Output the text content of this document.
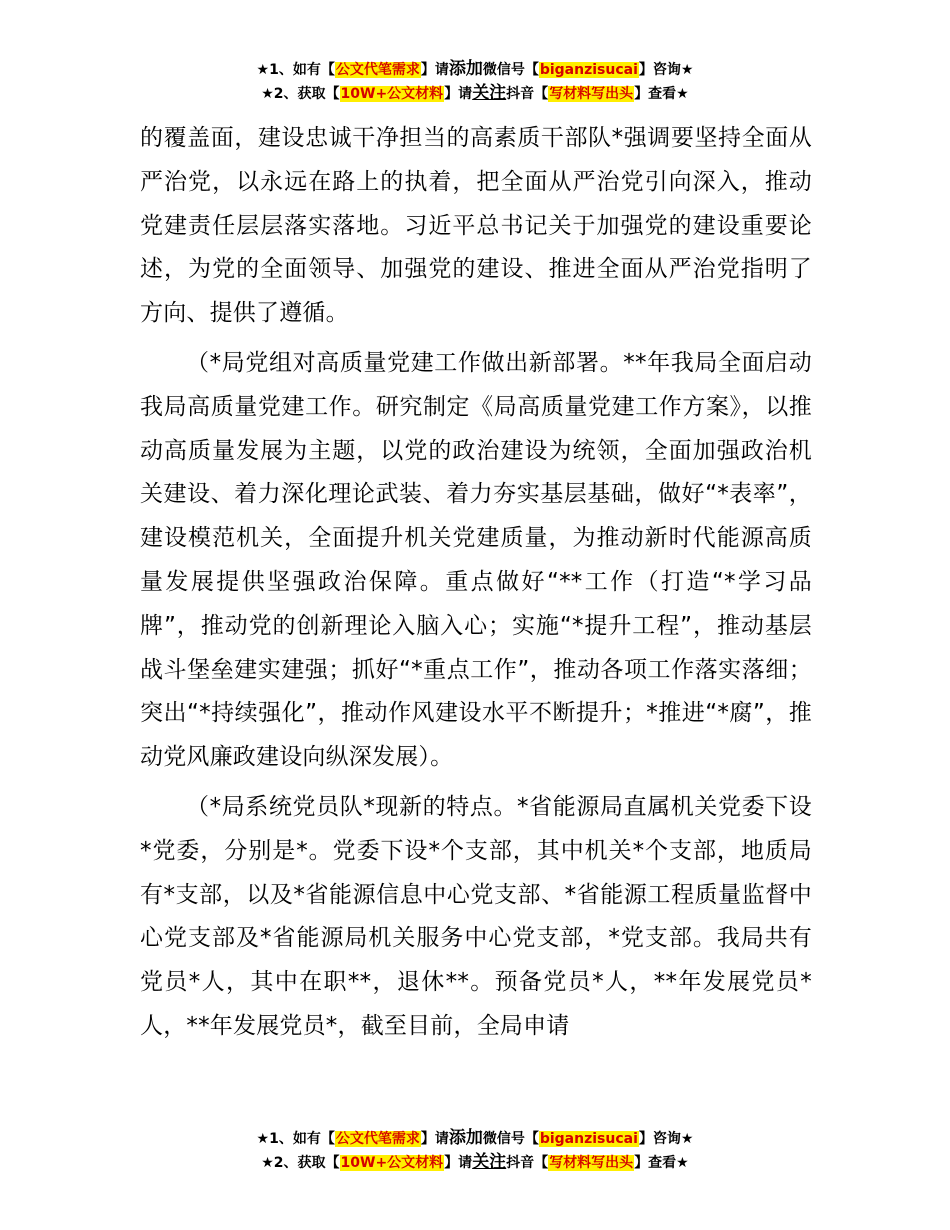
★1、如有【公文代笔需求】请添加微信号【biganzisucai】咨询★
★2、获取【10W+公文材料】请关注抖音【写材料写出头】查看★

的覆盖面，建设忠诚干净担当的高素质干部队*强调要坚持全面从严治党，以永远在路上的执着，把全面从严治党引向深入，推动党建责任层层落实落地。习近平总书记关于加强党的建设重要论述，为党的全面领导、加强党的建设、推进全面从严治党指明了方向、提供了遵循。

（*局党组对高质量党建工作做出新部署。**年我局全面启动我局高质量党建工作。研究制定《局高质量党建工作方案》，以推动高质量发展为主题，以党的政治建设为统领，全面加强政治机关建设、着力深化理论武装、着力夯实基层基础，做好“*表率”，建设模范机关，全面提升机关党建质量，为推动新时代能源高质量发展提供坚强政治保障。重点做好“**工作（打造“*学习品牌”，推动党的创新理论入脑入心；实施“*提升工程”，推动基层战斗堡垒建实建强；抓好“*重点工作”，推动各项工作落实落细；突出“*持续强化”，推动作风建设水平不断提升；*推进“*腐”，推动党风廉政建设向纵深发展）。

（*局系统党员队*现新的特点。*省能源局直属机关党委下设*党委，分别是*。党委下设*个支部，其中机关*个支部，地质局有*支部，以及*省能源信息中心党支部、*省能源工程质量监督中心党支部及*省能源局机关服务中心党支部，*党支部。我局共有党员*人，其中在职**，退休**。预备党员*人，**年发展党员*人，**年发展党员*，截至目前，全局申请

★1、如有【公文代笔需求】请添加微信号【biganzisucai】咨询★
★2、获取【10W+公文材料】请关注抖音【写材料写出头】查看★
